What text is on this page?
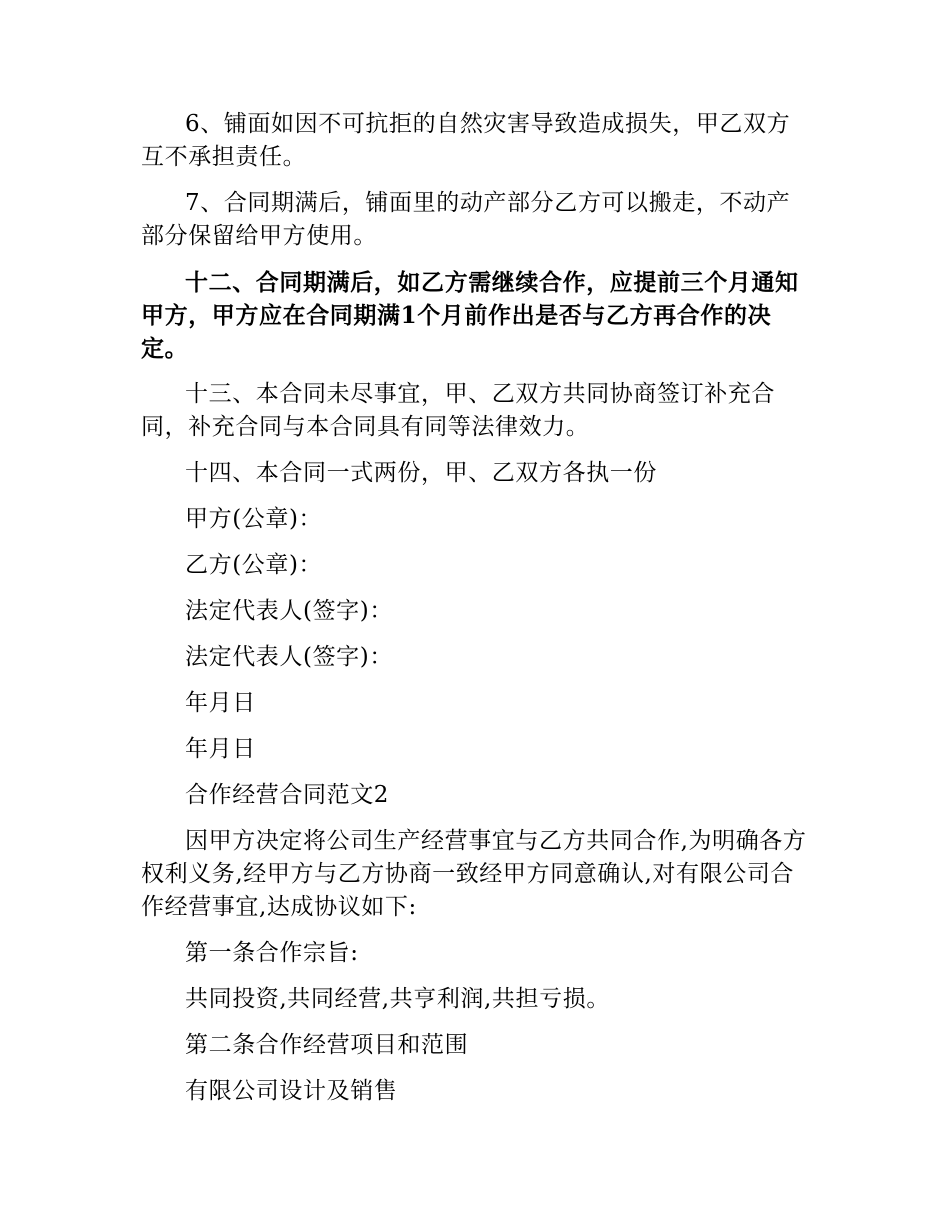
6、铺面如因不可抗拒的自然灾害导致造成损失，甲乙双方互不承担责任。

7、合同期满后，铺面里的动产部分乙方可以搬走，不动产部分保留给甲方使用。

十二、合同期满后，如乙方需继续合作，应提前三个月通知甲方，甲方应在合同期满1个月前作出是否与乙方再合作的决定。

十三、本合同未尽事宜，甲、乙双方共同协商签订补充合同，补充合同与本合同具有同等法律效力。

十四、本合同一式两份，甲、乙双方各执一份

甲方(公章)：

乙方(公章)：

法定代表人(签字)：

法定代表人(签字)：

年月日

年月日

合作经营合同范文2

因甲方决定将公司生产经营事宜与乙方共同合作,为明确各方权利义务,经甲方与乙方协商一致经甲方同意确认,对有限公司合作经营事宜,达成协议如下:

第一条合作宗旨:

共同投资,共同经营,共亨利润,共担亏损。

第二条合作经营项目和范围

有限公司设计及销售
